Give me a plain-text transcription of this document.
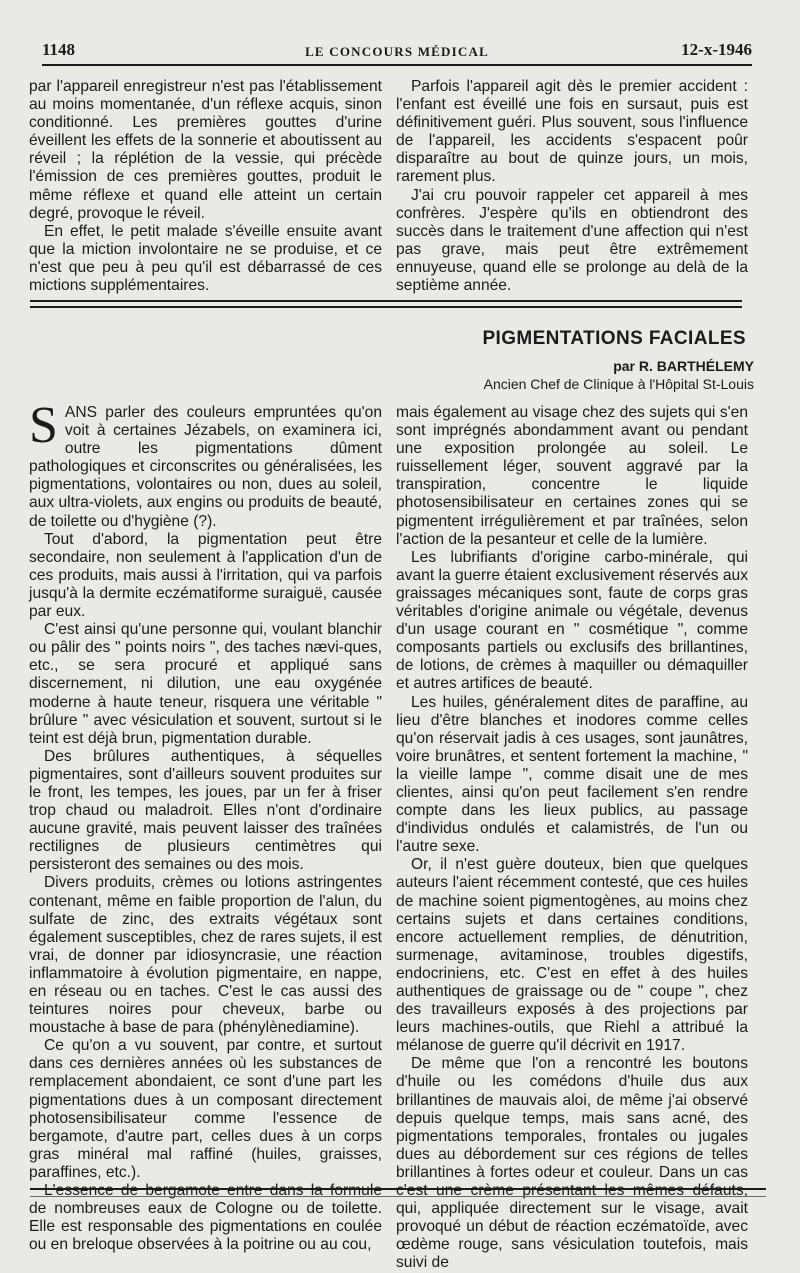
1148	LE CONCOURS MÉDICAL	12-x-1946

par l'appareil enregistreur n'est pas l'établissement au moins momentanée, d'un réflexe acquis, sinon conditionné. Les premières gouttes d'urine éveillent les effets de la sonnerie et aboutissent au réveil ; la réplétion de la vessie, qui précède l'émission de ces premières gouttes, produit le même réflexe et quand elle atteint un certain degré, provoque le réveil.

En effet, le petit malade s'éveille ensuite avant que la miction involontaire ne se produise, et ce n'est que peu à peu qu'il est débarrassé de ces mictions supplémentaires.

Parfois l'appareil agit dès le premier accident : l'enfant est éveillé une fois en sursaut, puis est définitivement guéri. Plus souvent, sous l'influence de l'appareil, les accidents s'espacent poûr disparaître au bout de quinze jours, un mois, rarement plus.

J'ai cru pouvoir rappeler cet appareil à mes confrères. J'espère qu'ils en obtiendront des succès dans le traitement d'une affection qui n'est pas grave, mais peut être extrêmement ennuyeuse, quand elle se prolonge au delà de la septième année.

PIGMENTATIONS FACIALES
par R. BARTHÉLEMY
Ancien Chef de Clinique à l'Hôpital St-Louis

SANS parler des couleurs empruntées qu'on voit à certaines Jézabels, on examinera ici, outre les pigmentations dûment pathologiques et circonscrites ou généralisées, les pigmentations, volontaires ou non, dues au soleil, aux ultra-violets, aux engins ou produits de beauté, de toilette ou d'hygiène (?).

Tout d'abord, la pigmentation peut être secondaire, non seulement à l'application d'un de ces produits, mais aussi à l'irritation, qui va parfois jusqu'à la dermite eczématiforme suraiguë, causée par eux.

C'est ainsi qu'une personne qui, voulant blanchir ou pâlir des " points noirs ", des taches nævi-ques, etc., se sera procuré et appliqué sans discernement, ni dilution, une eau oxygénée moderne à haute teneur, risquera une véritable " brûlure " avec vésiculation et souvent, surtout si le teint est déjà brun, pigmentation durable.

Des brûlures authentiques, à séquelles pigmentaires, sont d'ailleurs souvent produites sur le front, les tempes, les joues, par un fer à friser trop chaud ou maladroit. Elles n'ont d'ordinaire aucune gravité, mais peuvent laisser des traînées rectilignes de plusieurs centimètres qui persisteront des semaines ou des mois.

Divers produits, crèmes ou lotions astringentes contenant, même en faible proportion de l'alun, du sulfate de zinc, des extraits végétaux sont également susceptibles, chez de rares sujets, il est vrai, de donner par idiosyncrasie, une réaction inflammatoire à évolution pigmentaire, en nappe, en réseau ou en taches. C'est le cas aussi des teintures noires pour cheveux, barbe ou moustache à base de para (phénylènediamine).

Ce qu'on a vu souvent, par contre, et surtout dans ces dernières années où les substances de remplacement abondaient, ce sont d'une part les pigmentations dues à un composant directement photosensibilisateur comme l'essence de bergamote, d'autre part, celles dues à un corps gras minéral mal raffiné (huiles, graisses, paraffines, etc.).

L'essence de bergamote entre dans la formule de nombreuses eaux de Cologne ou de toilette. Elle est responsable des pigmentations en coulée ou en breloque observées à la poitrine ou au cou,

mais également au visage chez des sujets qui s'en sont imprégnés abondamment avant ou pendant une exposition prolongée au soleil. Le ruissellement léger, souvent aggravé par la transpiration, concentre le liquide photosensibilisateur en certaines zones qui se pigmentent irrégulièrement et par traînées, selon l'action de la pesanteur et celle de la lumière.

Les lubrifiants d'origine carbo-minérale, qui avant la guerre étaient exclusivement réservés aux graissages mécaniques sont, faute de corps gras véritables d'origine animale ou végétale, devenus d'un usage courant en " cosmétique ", comme composants partiels ou exclusifs des brillantines, de lotions, de crèmes à maquiller ou démaquiller et autres artifices de beauté.

Les huiles, généralement dites de paraffine, au lieu d'être blanches et inodores comme celles qu'on réservait jadis à ces usages, sont jaunâtres, voire brunâtres, et sentent fortement la machine, " la vieille lampe ", comme disait une de mes clientes, ainsi qu'on peut facilement s'en rendre compte dans les lieux publics, au passage d'individus ondulés et calamistrés, de l'un ou l'autre sexe.

Or, il n'est guère douteux, bien que quelques auteurs l'aient récemment contesté, que ces huiles de machine soient pigmentogènes, au moins chez certains sujets et dans certaines conditions, encore actuellement remplies, de dénutrition, surmenage, avitaminose, troubles digestifs, endocriniens, etc. C'est en effet à des huiles authentiques de graissage ou de " coupe ", chez des travailleurs exposés à des projections par leurs machines-outils, que Riehl a attribué la mélanose de guerre qu'il décrivit en 1917.

De même que l'on a rencontré les boutons d'huile ou les comédons d'huile dus aux brillantines de mauvais aloi, de même j'ai observé depuis quelque temps, mais sans acné, des pigmentations temporales, frontales ou jugales dues au débordement sur ces régions de telles brillantines à fortes odeur et couleur. Dans un cas c'est une crème présentant les mêmes défauts, qui, appliquée directement sur le visage, avait provoqué un début de réaction eczématoïde, avec œdème rouge, sans vésiculation toutefois, mais suivi de
